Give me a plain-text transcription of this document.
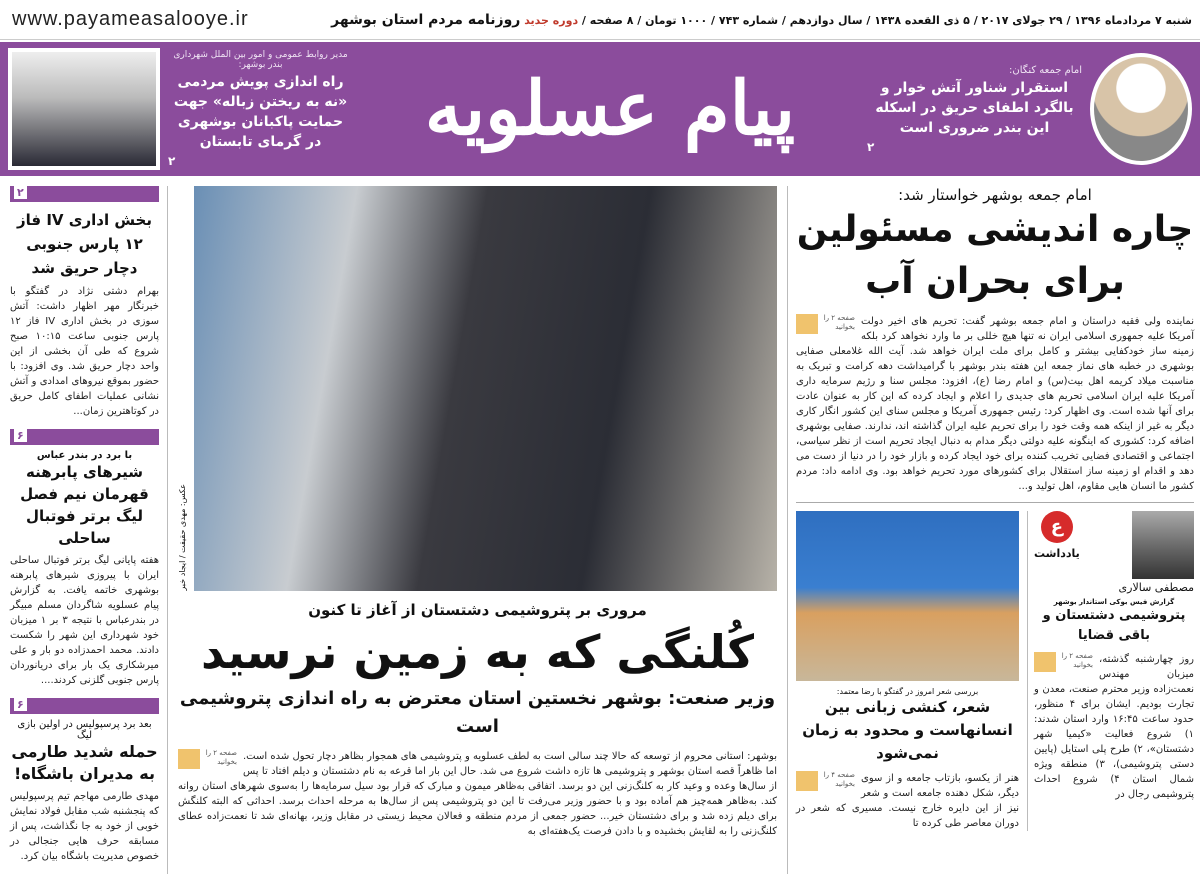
www.payameasalooye.ir	شنبه ۷ مردادماه ۱۳۹۶ / ۲۹ جولای ۲۰۱۷ / ۵ ذی القعده ۱۴۳۸ / سال دوازدهم / شماره ۷۴۳ / ۱۰۰۰ تومان / ۸ صفحه / دوره جدید روزنامه مردم استان بوشهر
مدیر روابط عمومی و امور بین الملل شهرداری بندر بوشهر:
راه اندازی پویش مردمی «نه به ریختن زباله» جهت حمایت پاکبانان بوشهری در گرمای تابستان
۲
پیام عسلویه	امام جمعه کنگان:
استقرار شناور آتش خوار و بالگرد اطفای حریق در اسکله این بندر ضروری است
۲
۲
بخش اداری IV فاز ۱۲ پارس جنوبی دچار حریق شد
بهرام دشتی نژاد در گفتگو با خبرنگار مهر اظهار داشت: آتش سوزی در بخش اداری IV فاز ۱۲ پارس جنوبی ساعت ۱۰:۱۵ صبح شروع که طی آن بخشی از این واحد دچار حریق شد. وی افزود: با حضور بموقع نیروهای امدادی و آتش نشانی عملیات اطفای کامل حریق در کوتاهترین زمان...
۶
با برد در بندر عباس
شیرهای پابرهنه قهرمان نیم فصل لیگ برتر فوتبال ساحلی
هفته پایانی لیگ برتر فوتبال ساحلی ایران با پیروزی شیرهای پابرهنه بوشهری خاتمه یافت. به گزارش پیام عسلویه شاگردان مسلم مبیگر در بندرعباس با نتیجه ۳ بر ۱ میزبان خود شهرداری این شهر را شکست دادند. محمد احمدزاده دو بار و علی میرشکاری یک بار برای دریانوردان پارس جنوبی گلزنی کردند....
۶
بعد برد پرسپولیس در اولین بازی لیگ
حمله شدید طارمی به مدیران باشگاه!
مهدی طارمی مهاجم تیم پرسپولیس که پنجشنبه شب مقابل فولاد نمایش خوبی از خود به جا نگذاشت، پس از مسابقه حرف هایی جنجالی در خصوص مدیریت باشگاه بیان کرد.
عکس: مهدی حقیقت / ایجاد خبر
مروری بر پتروشیمی دشتستان از آغاز تا کنون
کُلنگی که به زمین نرسید
وزیر صنعت: بوشهر نخستین استان معترض به راه اندازی پتروشیمی است
صفحه ۲ را بخوانید بوشهر: استانی محروم از توسعه که حالا چند سالی است به لطف عسلویه و پتروشیمی های همجوار بظاهر دچار تحول شده است. اما ظاهراً قصه استان بوشهر و پتروشیمی ها تازه داشت شروع می شد. حال این بار اما قرعه به نام دشتستان و دیلم افتاد تا پس از سال‌ها وعده و وعید کار به کلنگ‌زنی این دو برسد. اتفاقی به‌ظاهر میمون و مبارک که قرار بود سیل سرمایه‌ها را به‌سوی شهرهای استان روانه کند. به‌ظاهر همه‌چیز هم آماده بود و با حضور وزیر می‌رفت تا این دو پتروشیمی پس از سال‌ها به مرحله احداث برسد. احداثی که البته کلنگش برای دیلم زده شد و برای دشتستان خیر... حضور جمعی از مردم منطقه و فعالان محیط زیستی در مقابل وزیر، بهانه‌ای شد تا نعمت‌زاده عطای کلنگ‌زنی را به لقایش بخشیده و با دادن فرصت یک‌هفته‌ای به
امام جمعه بوشهر خواستار شد:
چاره اندیشی مسئولین برای بحران آب
صفحه ۲ را بخوانید نماینده ولی فقیه دراستان و امام جمعه بوشهر گفت: تحریم های اخیر دولت آمریکا علیه جمهوری اسلامی ایران نه تنها هیچ خللی بر ما وارد نخواهد کرد بلکه زمینه ساز خودکفایی بیشتر و کامل برای ملت ایران خواهد شد. آیت الله غلامعلی صفایی بوشهری در خطبه های نماز جمعه این هفته بندر بوشهر با گرامیداشت دهه کرامت و تبریک به مناسبت میلاد کریمه اهل بیت(س) و امام رضا (ع)، افزود: مجلس سنا و رژیم سرمایه داری آمریکا علیه ایران اسلامی تحریم های جدیدی را اعلام و ایجاد کرده که این کار به عنوان عادت برای آنها شده است. وی اظهار کرد: رئیس جمهوری آمریکا و مجلس سنای این کشور انگار کاری دیگر به غیر از اینکه همه وقت خود را برای تحریم علیه ایران گذاشته اند، ندارند. صفایی بوشهری اضافه کرد: کشوری که اینگونه علیه دولتی دیگر مدام به دنبال ایجاد تحریم است از نظر سیاسی، اجتماعی و اقتصادی فضایی تخریب کننده برای خود ایجاد کرده و بازار خود را در دنیا از دست می دهد و اقدام او زمینه ساز استقلال برای کشورهای مورد تحریم خواهد بود. وی ادامه داد: مردم کشور ما انسان هایی مقاوم، اهل تولید و...
بررسی شعر امروز در گفتگو با رضا معتمد:
شعر، کنشی زبانی بین انسانهاست و محدود به زمان نمی‌شود
صفحه ۴ را بخوانید هنر از یکسو، بازتاب جامعه و از سوی دیگر، شکل دهنده جامعه است و شعر نیز از این دایره خارج نیست. مسیری که شعر در دوران معاصر طی کرده تا
ع
یادداشت
مصطفی سالاری
گزارش فیس بوکی استاندار بوشهر
پتروشیمی دشتستان و باقی قضایا
صفحه ۲ را بخوانید روز چهارشنبه گذشته، میزبان مهندس نعمت‌زاده وزیر محترم صنعت، معدن و تجارت بودیم. ایشان برای ۴ منظور، حدود ساعت ۱۶:۴۵ وارد استان شدند: ۱) شروع فعالیت «کیمیا شهر دشتستان»، ۲) طرح پلی استایل (پایین دستی پتروشیمی)، ۳) منطقه ویژه شمال استان ۴) شروع احداث پتروشیمی رجال در
